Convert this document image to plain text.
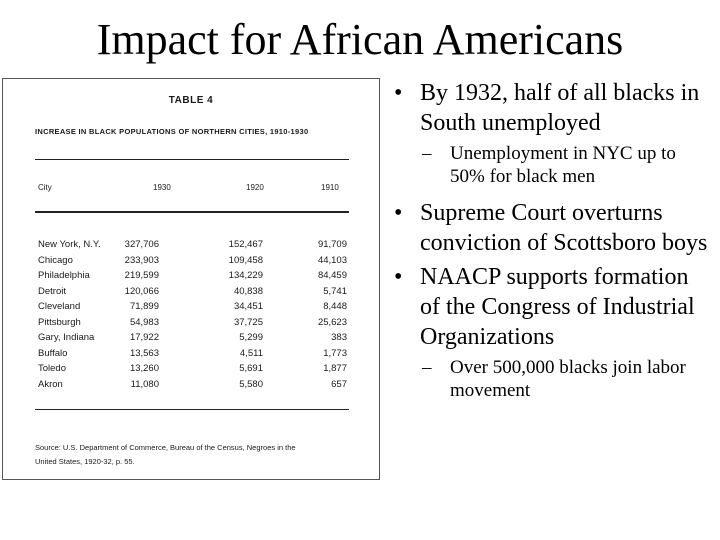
Impact for African Americans
TABLE 4
INCREASE IN BLACK POPULATIONS OF NORTHERN CITIES, 1910-1930
City	1930	1920	1910
New York, N.Y.	327,706	152,467	91,709
Chicago	233,903	109,458	44,103
Philadelphia	219,599	134,229	84,459
Detroit	120,066	40,838	5,741
Cleveland	71,899	34,451	8,448
Pittsburgh	54,983	37,725	25,623
Gary, Indiana	17,922	5,299	383
Buffalo	13,563	4,511	1,773
Toledo	13,260	5,691	1,877
Akron	11,080	5,580	657
Source: U.S. Department of Commerce, Bureau of the Census, Negroes in the
United States, 1920-32, p. 55.
• By 1932, half of all blacks in South unemployed
– Unemployment in NYC up to 50% for black men
• Supreme Court overturns conviction of Scottsboro boys
• NAACP supports formation of the Congress of Industrial Organizations
– Over 500,000 blacks join labor movement
